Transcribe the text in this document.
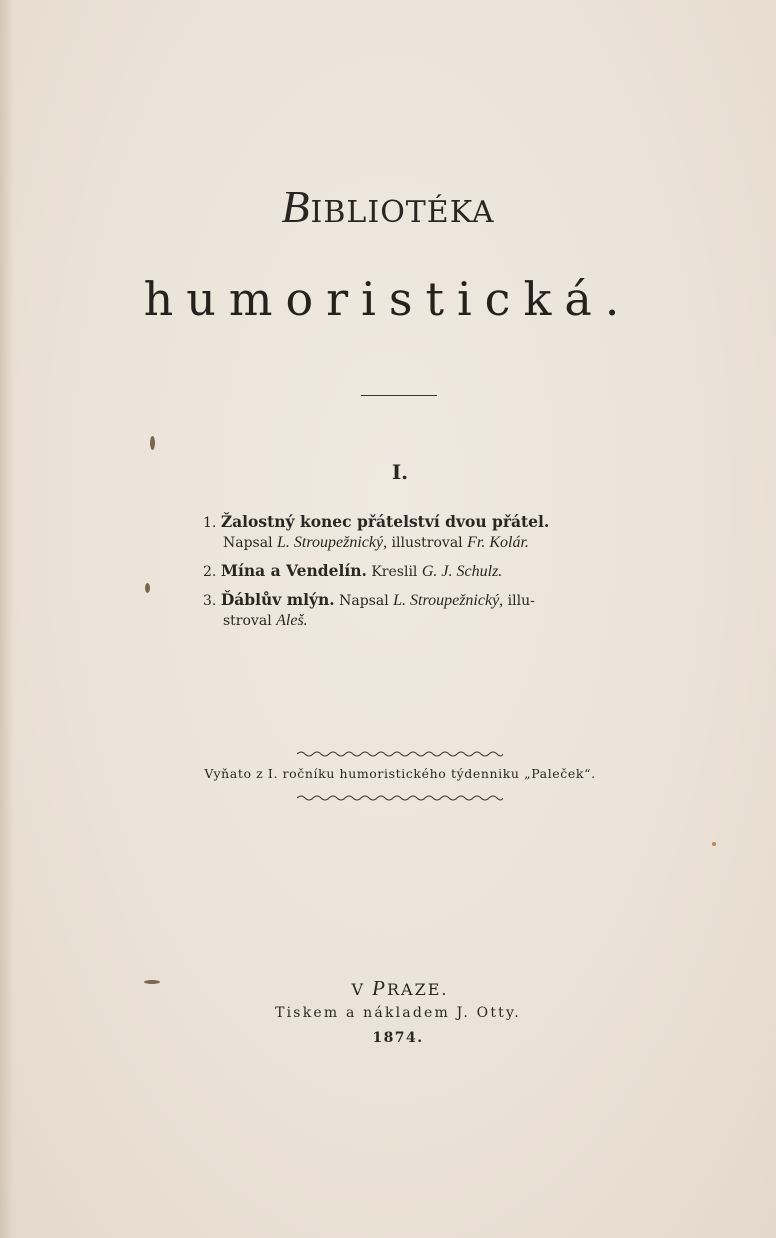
BIBLIOTÉKA
humoristická.
I.
1. Žalostný konec přátelství dvou přátel.
Napsal L. Stroupežnický, illustroval Fr. Kolár.
2. Mína a Vendelín. Kreslil G. J. Schulz.
3. Ďáblův mlýn. Napsal L. Stroupežnický, illu-
stroval Aleš.
Vyňato z I. ročníku humoristického týdenniku „Paleček“.
V PRAZE.
Tiskem a nákladem J. Otty.
1874.
